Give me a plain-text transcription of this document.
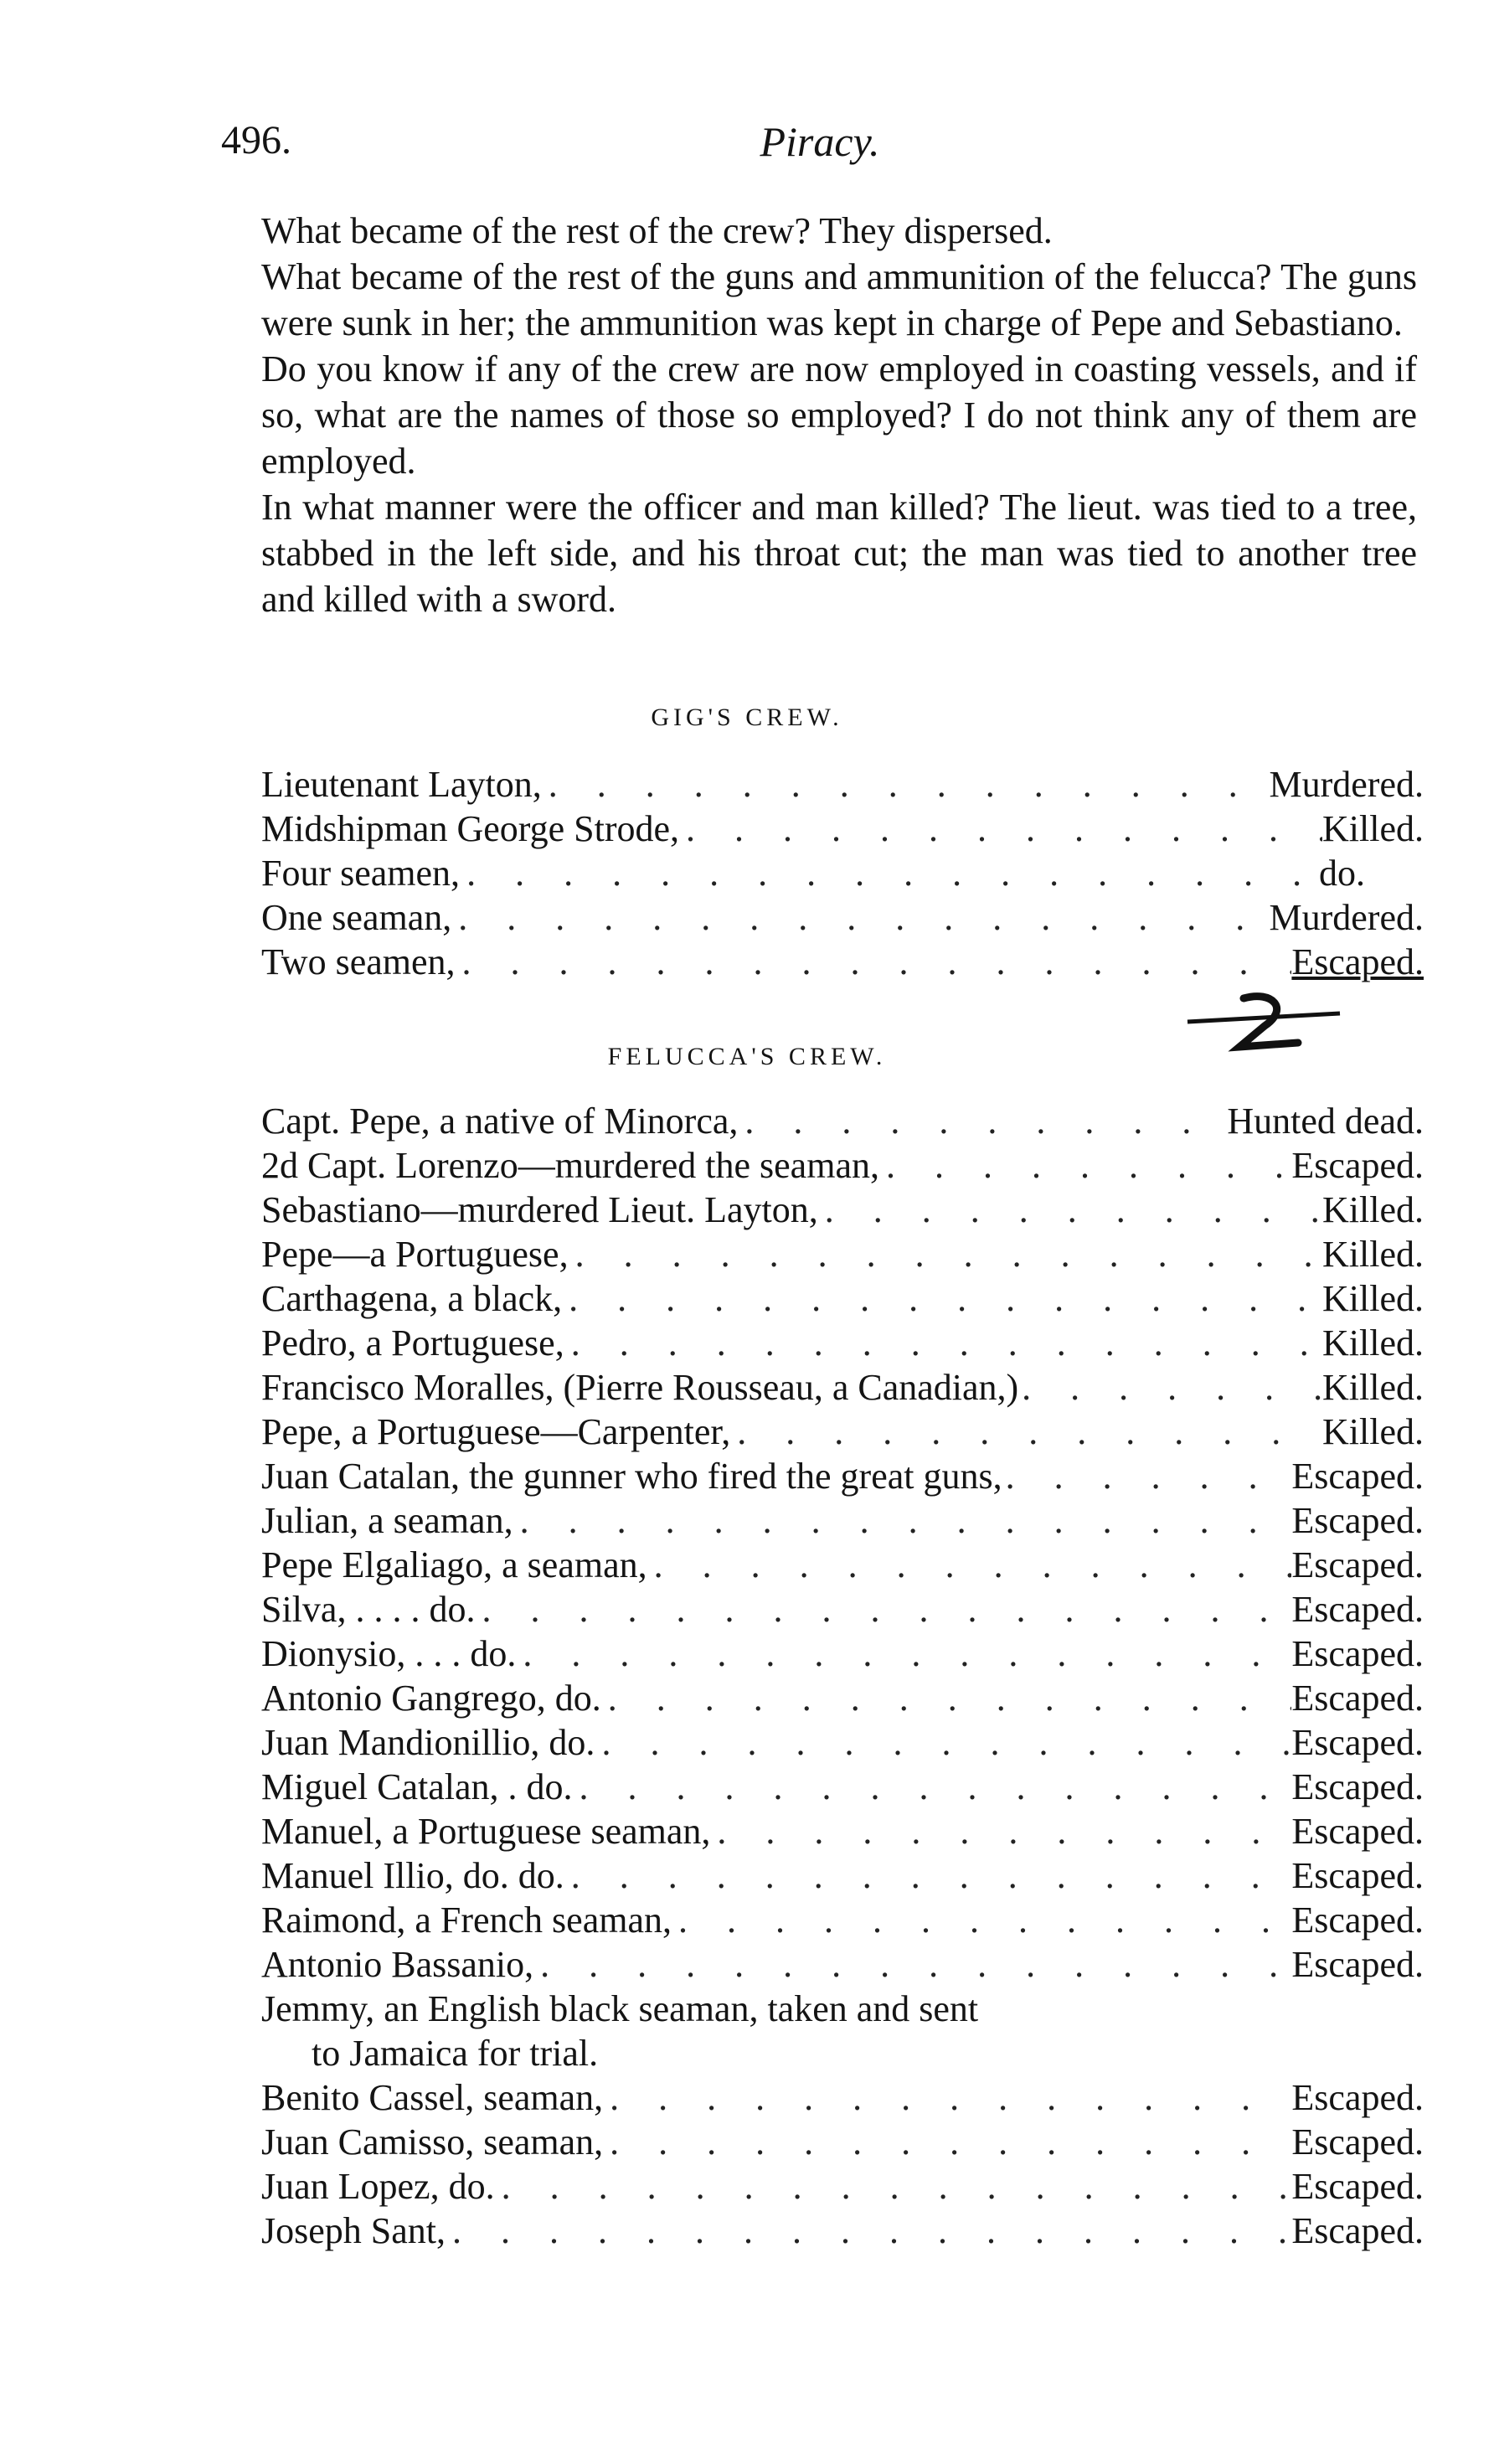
496.	Piracy.

What became of the rest of the crew? They dispersed.

What became of the rest of the guns and ammunition of the felucca? The guns were sunk in her; the ammunition was kept in charge of Pepe and Sebastiano.

Do you know if any of the crew are now employed in coasting vessels, and if so, what are the names of those so employed? I do not think any of them are employed.

In what manner were the officer and man killed? The lieut. was tied to a tree, stabbed in the left side, and his throat cut; the man was tied to another tree and killed with a sword.

GIG'S CREW.
Lieutenant Layton, . . .	Murdered.
Midshipman George Strode, . . .	Killed.
Four seamen, . . .	do.
One seaman, . . .	Murdered.
Two seamen, . . .	Escaped.
FELUCCA'S CREW.
Capt. Pepe, a native of Minorca, . . .	Hunted dead.
2d Capt. Lorenzo—murdered the seaman, . . .	Escaped.
Sebastiano—murdered Lieut. Layton, . . .	Killed.
Pepe—a Portuguese, . . .	Killed.
Carthagena, a black, . . .	Killed.
Pedro, a Portuguese, . . .	Killed.
Francisco Moralles, (Pierre Rousseau, a Canadian,) . . .	Killed.
Pepe, a Portuguese—Carpenter, . . .	Killed.
Juan Catalan, the gunner who fired the great guns, . . .	Escaped.
Julian, a seaman, . . .	Escaped.
Pepe Elgaliago, a seaman, . . .	Escaped.
Silva, . . . . do. . . .	Escaped.
Dionysio, . . . do. . . .	Escaped.
Antonio Gangrego, do. . . .	Escaped.
Juan Mandionillio, do. . . .	Escaped.
Miguel Catalan, . do. . . .	Escaped.
Manuel, a Portuguese seaman, . . .	Escaped.
Manuel Illio, do. do. . . .	Escaped.
Raimond, a French seaman, . . .	Escaped.
Antonio Bassanio, . . .	Escaped.
Jemmy, an English black seaman, taken and sent
to Jamaica for trial.
Benito Cassel, seaman, . . .	Escaped.
Juan Camisso, seaman, . . .	Escaped.
Juan Lopez, do. . . .	Escaped.
Joseph Sant, . . .	Escaped.
